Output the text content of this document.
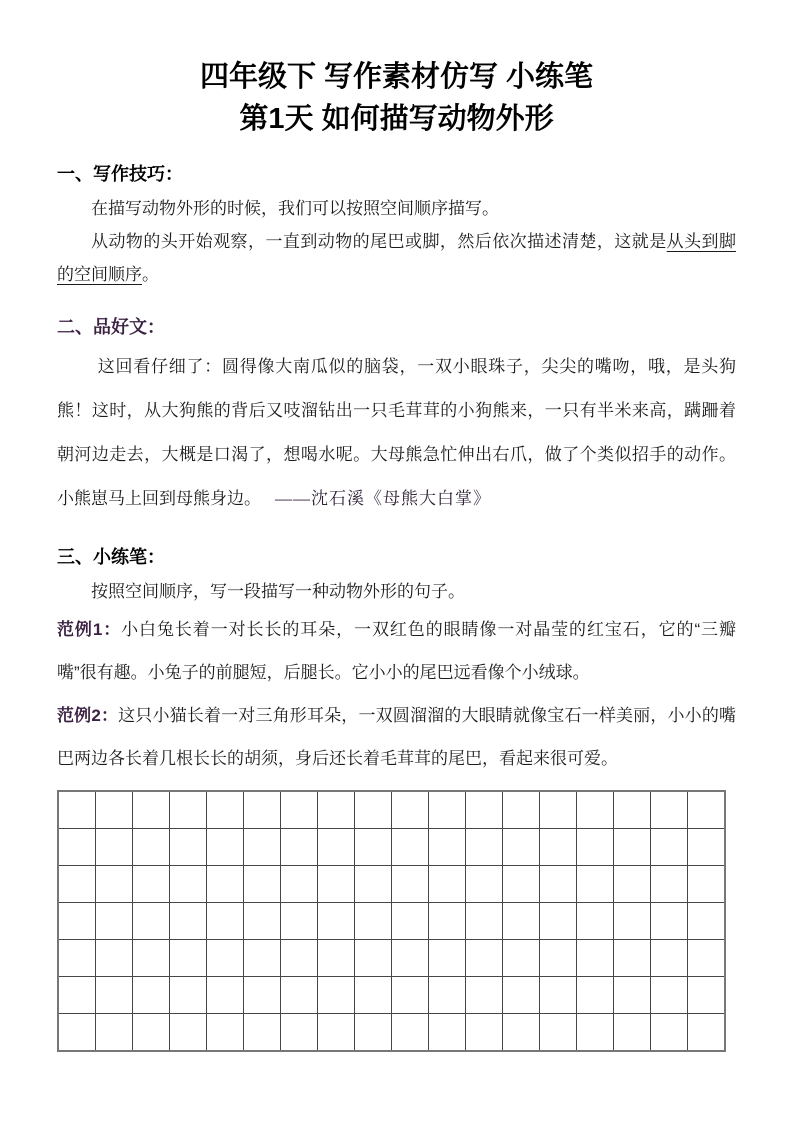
四年级下 写作素材仿写 小练笔
第1天 如何描写动物外形
一、写作技巧：

在描写动物外形的时候，我们可以按照空间顺序描写。

从动物的头开始观察，一直到动物的尾巴或脚，然后依次描述清楚，这就是从头到脚的空间顺序。

二、品好文：

这回看仔细了：圆得像大南瓜似的脑袋，一双小眼珠子，尖尖的嘴吻，哦，是头狗熊！这时，从大狗熊的背后又吱溜钻出一只毛茸茸的小狗熊来，一只有半米来高，蹒跚着朝河边走去，大概是口渴了，想喝水呢。大母熊急忙伸出右爪，做了个类似招手的动作。小熊崽马上回到母熊身边。 ——沈石溪《母熊大白掌》

三、小练笔：

按照空间顺序，写一段描写一种动物外形的句子。

范例1：小白兔长着一对长长的耳朵，一双红色的眼睛像一对晶莹的红宝石，它的“三瓣嘴”很有趣。小兔子的前腿短，后腿长。它小小的尾巴远看像个小绒球。

范例2：这只小猫长着一对三角形耳朵，一双圆溜溜的大眼睛就像宝石一样美丽，小小的嘴巴两边各长着几根长长的胡须，身后还长着毛茸茸的尾巴，看起来很可爱。
